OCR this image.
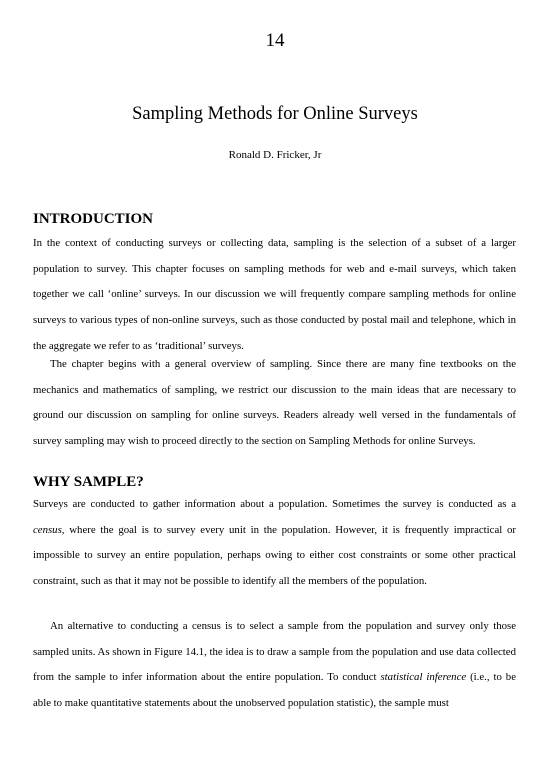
14
Sampling Methods for Online Surveys
Ronald D. Fricker, Jr
INTRODUCTION

In the context of conducting surveys or collecting data, sampling is the selection of a subset of a larger population to survey. This chapter focuses on sampling methods for web and e-mail surveys, which taken together we call ‘online’ surveys. In our discussion we will frequently compare sampling methods for online surveys to various types of non-online surveys, such as those conducted by postal mail and telephone, which in the aggregate we refer to as ‘traditional’ surveys.

The chapter begins with a general overview of sampling. Since there are many fine textbooks on the mechanics and mathematics of sampling, we restrict our discussion to the main ideas that are necessary to ground our discussion on sampling for online surveys. Readers already well versed in the fundamentals of survey sampling may wish to proceed directly to the section on Sampling Methods for online Surveys.

WHY SAMPLE?

Surveys are conducted to gather information about a population. Sometimes the survey is conducted as a census, where the goal is to survey every unit in the population. However, it is frequently impractical or impossible to survey an entire population, perhaps owing to either cost constraints or some other practical constraint, such as that it may not be possible to identify all the members of the population.

An alternative to conducting a census is to select a sample from the population and survey only those sampled units. As shown in Figure 14.1, the idea is to draw a sample from the population and use data collected from the sample to infer information about the entire population. To conduct statistical inference (i.e., to be able to make quantitative statements about the unobserved population statistic), the sample must
